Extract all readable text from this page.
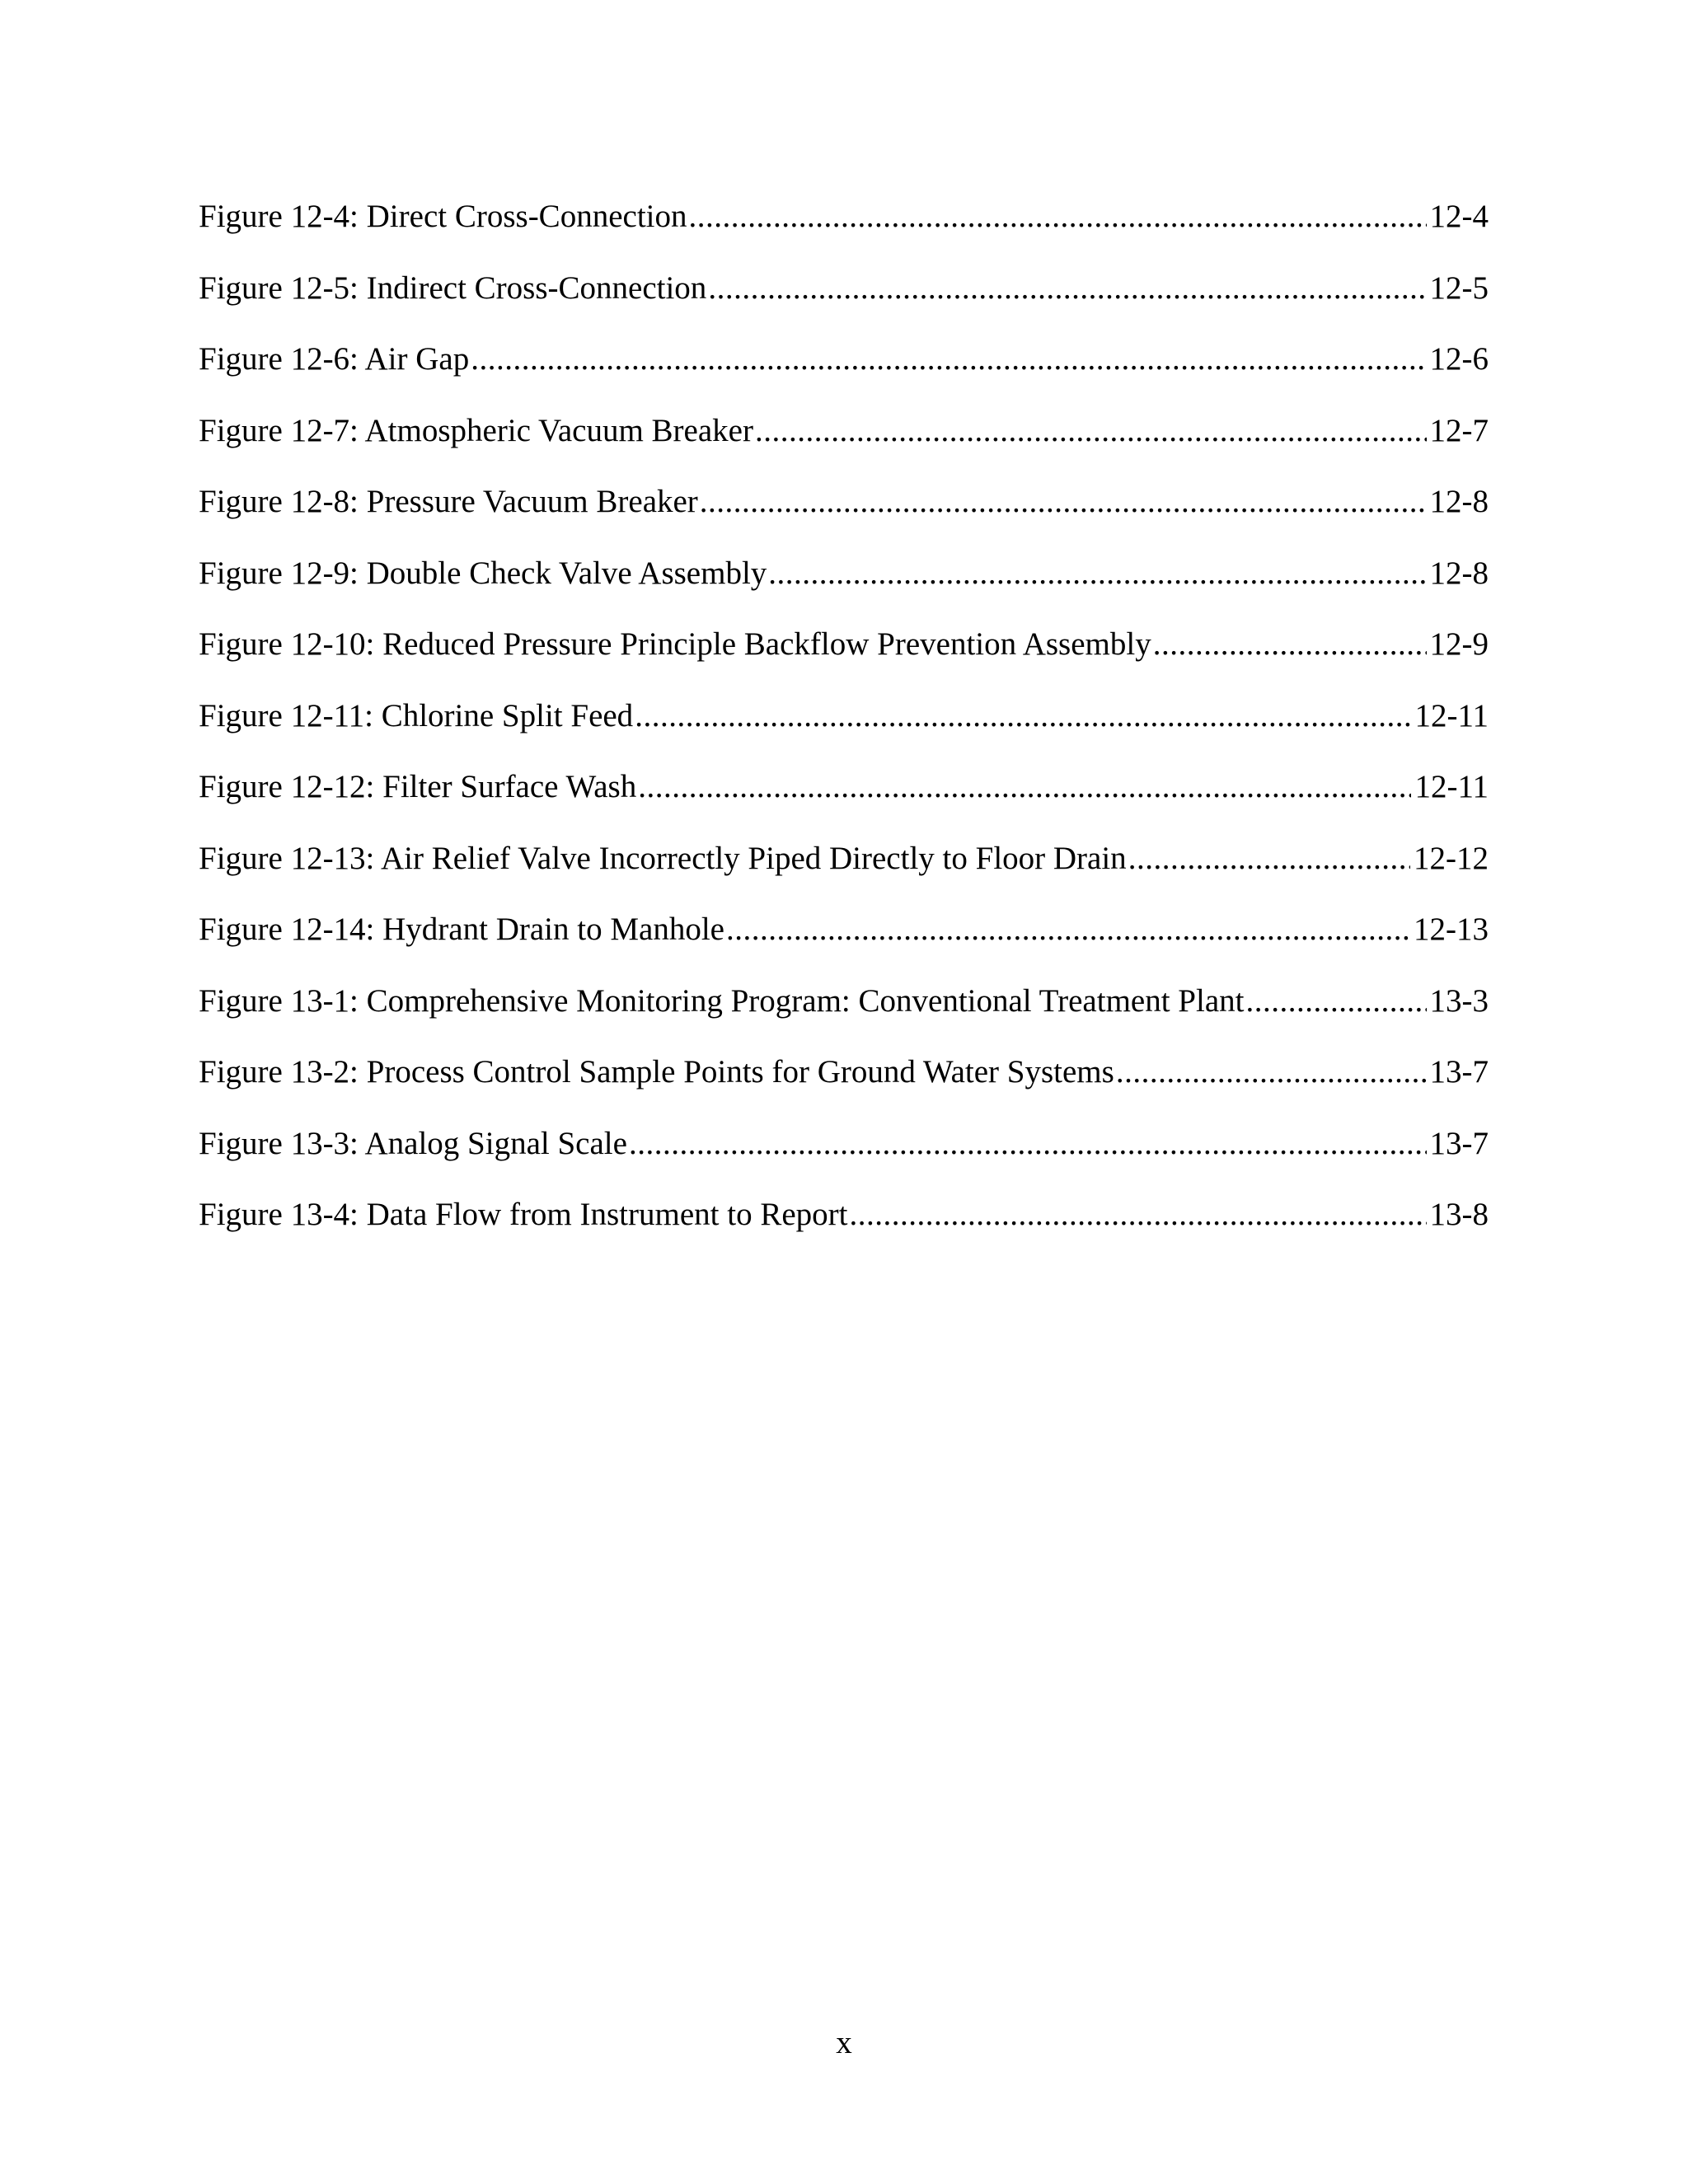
Figure 12-4: Direct Cross-Connection .....	12-4
Figure 12-5: Indirect Cross-Connection .....	12-5
Figure 12-6: Air Gap .....	12-6
Figure 12-7: Atmospheric Vacuum Breaker .....	12-7
Figure 12-8: Pressure Vacuum Breaker .....	12-8
Figure 12-9: Double Check Valve Assembly .....	12-8
Figure 12-10: Reduced Pressure Principle Backflow Prevention Assembly .....	12-9
Figure 12-11: Chlorine Split Feed .....	12-11
Figure 12-12: Filter Surface Wash .....	12-11
Figure 12-13: Air Relief Valve Incorrectly Piped Directly to Floor Drain .....	12-12
Figure 12-14: Hydrant Drain to Manhole .....	12-13
Figure 13-1: Comprehensive Monitoring Program: Conventional Treatment Plant .....	13-3
Figure 13-2: Process Control Sample Points for Ground Water Systems .....	13-7
Figure 13-3: Analog Signal Scale .....	13-7
Figure 13-4: Data Flow from Instrument to Report .....	13-8
x
